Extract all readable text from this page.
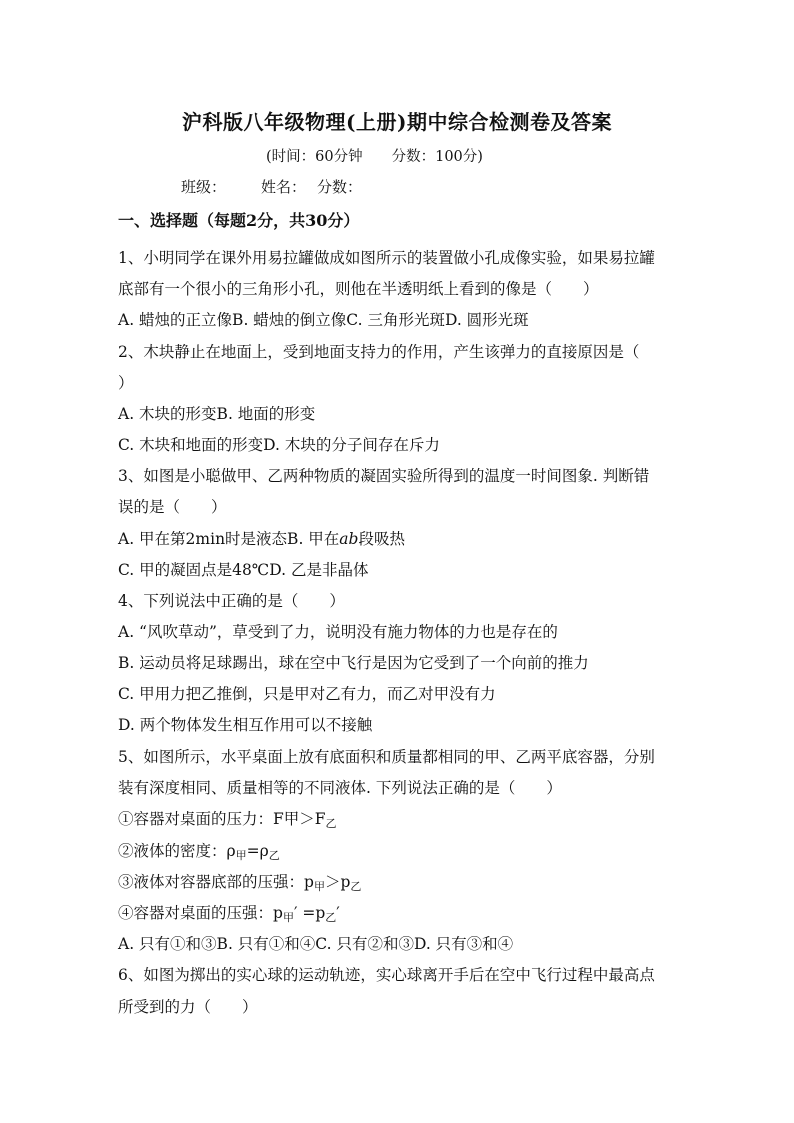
沪科版八年级物理(上册)期中综合检测卷及答案
(时间：60分钟　　分数：100分)
班级： 姓名： 分数：
一、选择题（每题2分，共30分）
1、小明同学在课外用易拉罐做成如图所示的装置做小孔成像实验，如果易拉罐
底部有一个很小的三角形小孔，则他在半透明纸上看到的像是（　　）
A. 蜡烛的正立像B. 蜡烛的倒立像C. 三角形光斑D. 圆形光斑
2、木块静止在地面上，受到地面支持力的作用，产生该弹力的直接原因是（
）
A. 木块的形变B. 地面的形变
C. 木块和地面的形变D. 木块的分子间存在斥力
3、如图是小聪做甲、乙两种物质的凝固实验所得到的温度一时间图象. 判断错
误的是（　　）
A. 甲在第2min时是液态B. 甲在ab段吸热
C. 甲的凝固点是48℃D. 乙是非晶体
4、下列说法中正确的是（　　）
A. “风吹草动”，草受到了力，说明没有施力物体的力也是存在的
B. 运动员将足球踢出，球在空中飞行是因为它受到了一个向前的推力
C. 甲用力把乙推倒，只是甲对乙有力，而乙对甲没有力
D. 两个物体发生相互作用可以不接触
5、如图所示，水平桌面上放有底面积和质量都相同的甲、乙两平底容器，分别
装有深度相同、质量相等的不同液体. 下列说法正确的是（　　）
①容器对桌面的压力：F甲$>F_乙$
②液体的密度：$\rho_甲=\rho_乙$
③液体对容器底部的压强：$p_甲>p_乙$
④容器对桌面的压强：$p_甲' =p_乙'$
A. 只有①和③B. 只有①和④C. 只有②和③D. 只有③和④
6、如图为掷出的实心球的运动轨迹，实心球离开手后在空中飞行过程中最高点
所受到的力（　　）
